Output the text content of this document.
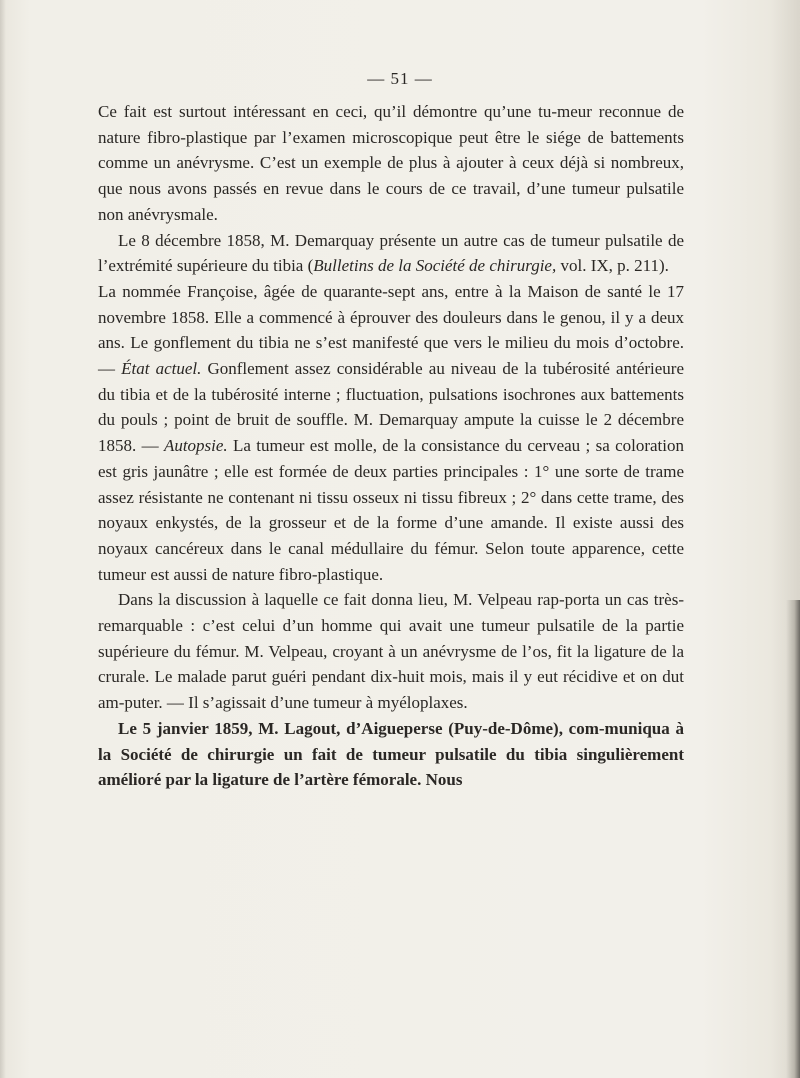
— 51 —

Ce fait est surtout intéressant en ceci, qu’il démontre qu’une tu-meur reconnue de nature fibro-plastique par l’examen microscopique peut être le siége de battements comme un anévrysme. C’est un exemple de plus à ajouter à ceux déjà si nombreux, que nous avons passés en revue dans le cours de ce travail, d’une tumeur pulsatile non anévrysmale.

Le 8 décembre 1858, M. Demarquay présente un autre cas de tumeur pulsatile de l’extrémité supérieure du tibia (Bulletins de la Société de chirurgie, vol. IX, p. 211).

La nommée Françoise, âgée de quarante-sept ans, entre à la Maison de santé le 17 novembre 1858. Elle a commencé à éprouver des douleurs dans le genou, il y a deux ans. Le gonflement du tibia ne s’est manifesté que vers le milieu du mois d’octobre. — État actuel. Gonflement assez considérable au niveau de la tubérosité antérieure du tibia et de la tubérosité interne ; fluctuation, pulsations isochrones aux battements du pouls ; point de bruit de souffle. M. Demarquay ampute la cuisse le 2 décembre 1858. — Autopsie. La tumeur est molle, de la consistance du cerveau ; sa coloration est gris jaunâtre ; elle est formée de deux parties principales : 1° une sorte de trame assez résistante ne contenant ni tissu osseux ni tissu fibreux ; 2° dans cette trame, des noyaux enkystés, de la grosseur et de la forme d’une amande. Il existe aussi des noyaux cancéreux dans le canal médullaire du fémur. Selon toute apparence, cette tumeur est aussi de nature fibro-plastique.

Dans la discussion à laquelle ce fait donna lieu, M. Velpeau rap-porta un cas très-remarquable : c’est celui d’un homme qui avait une tumeur pulsatile de la partie supérieure du fémur. M. Velpeau, croyant à un anévrysme de l’os, fit la ligature de la crurale. Le malade parut guéri pendant dix-huit mois, mais il y eut récidive et on dut am-puter. — Il s’agissait d’une tumeur à myéloplaxes.

Le 5 janvier 1859, M. Lagout, d’Aigueperse (Puy-de-Dôme), com-muniqua à la Société de chirurgie un fait de tumeur pulsatile du tibia singulièrement amélioré par la ligature de l’artère fémorale. Nous
